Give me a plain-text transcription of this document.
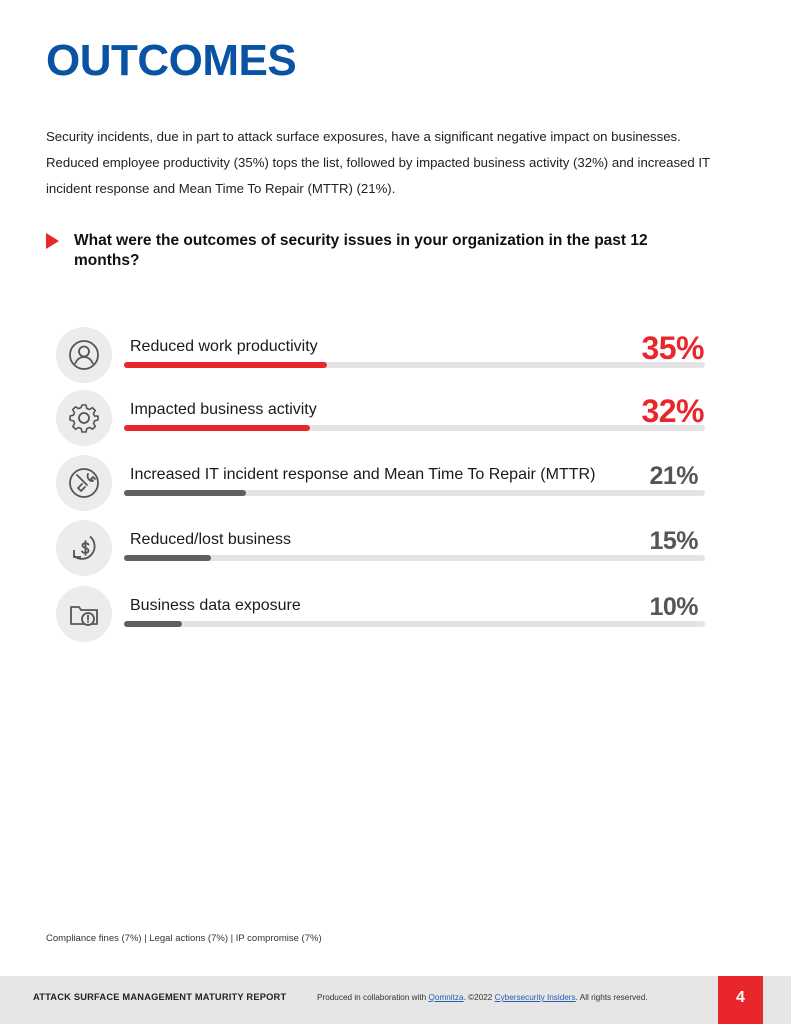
OUTCOMES

Security incidents, due in part to attack surface exposures, have a significant negative impact on businesses. Reduced employee productivity (35%) tops the list, followed by impacted business activity (32%) and increased IT incident response and Mean Time To Repair (MTTR) (21%).

What were the outcomes of security issues in your organization in the past 12 months?
Reduced work productivity	35%
Impacted business activity	32%
Increased IT incident response and Mean Time To Repair (MTTR) 21%
Reduced/lost business	15%
Business data exposure	10%
Compliance fines (7%) | Legal actions (7%) | IP compromise (7%)
ATTACK SURFACE MANAGEMENT MATURITY REPORT	Produced in collaboration with Qomnitza. ©2022 Cybersecurity Insiders. All rights reserved.	4
